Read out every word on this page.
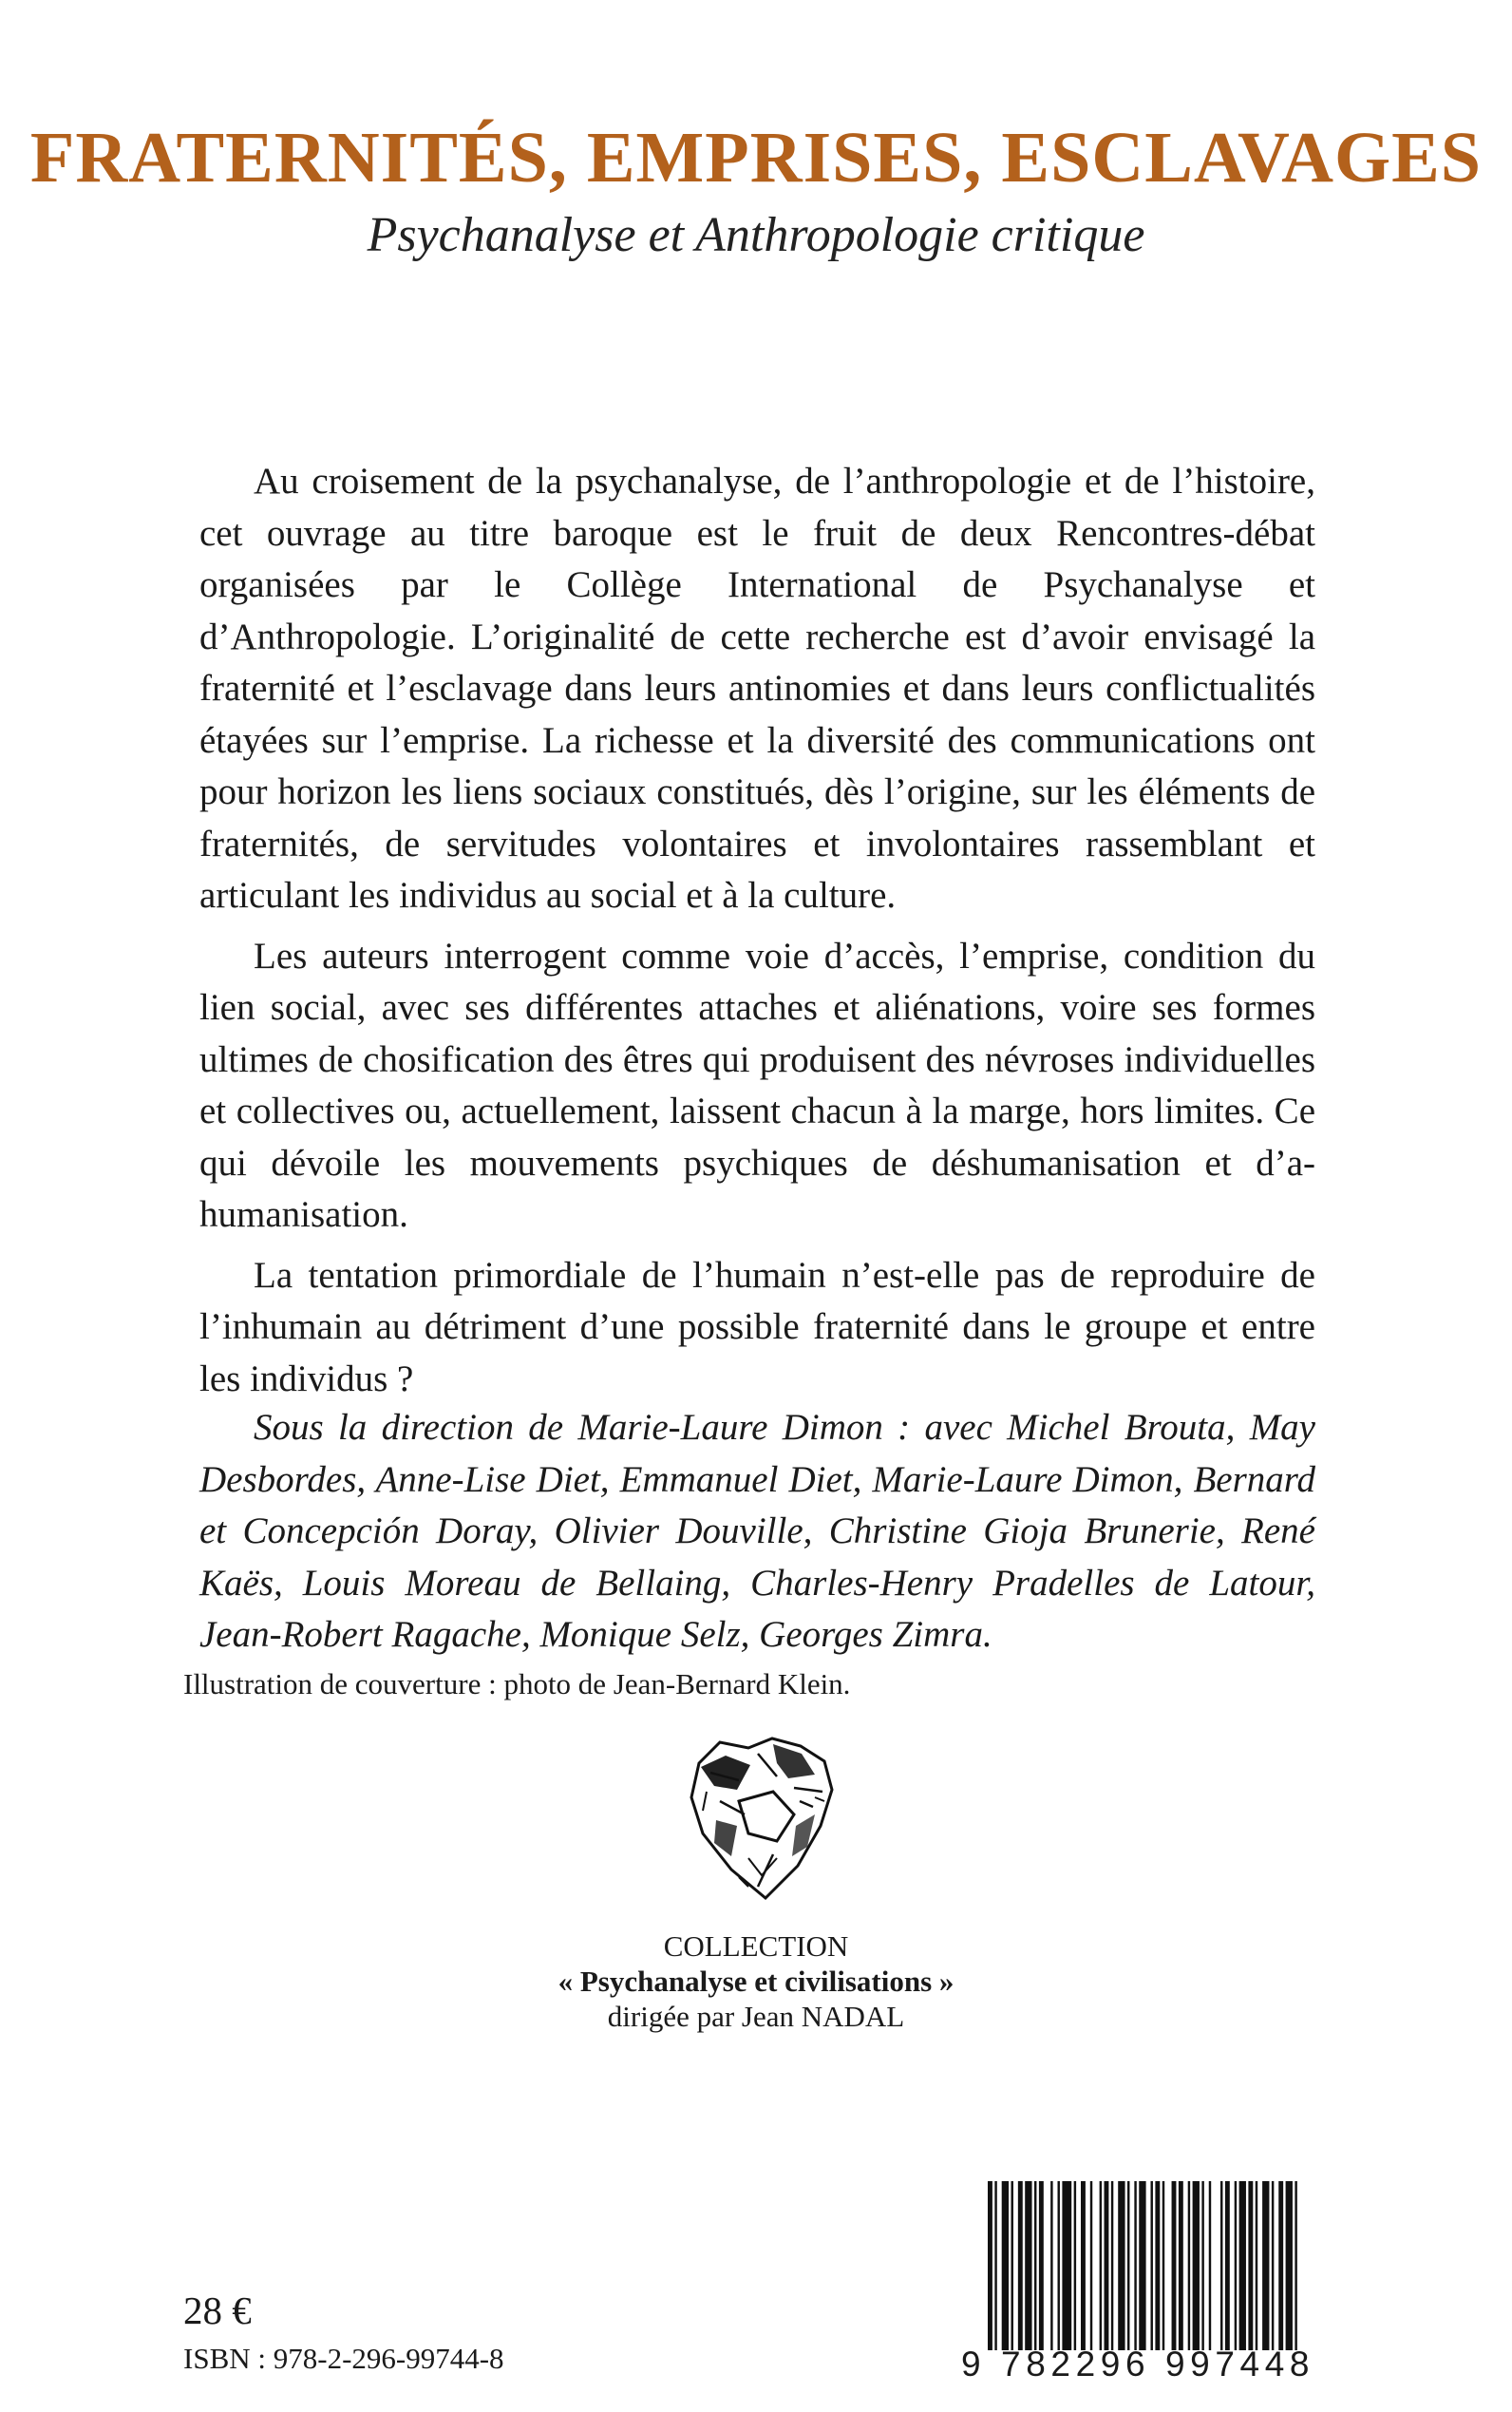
FRATERNITÉS, EMPRISES, ESCLAVAGES
Psychanalyse et Anthropologie critique

Au croisement de la psychanalyse, de l’anthropologie et de l’histoire, cet ouvrage au titre baroque est le fruit de deux Rencontres-débat organisées par le Collège International de Psychanalyse et d’Anthropologie. L’originalité de cette recherche est d’avoir envisagé la fraternité et l’esclavage dans leurs antinomies et dans leurs conflictualités étayées sur l’emprise. La richesse et la diversité des communications ont pour horizon les liens sociaux constitués, dès l’origine, sur les éléments de fraternités, de servitudes volontaires et involontaires rassemblant et articulant les individus au social et à la culture.

Les auteurs interrogent comme voie d’accès, l’emprise, condition du lien social, avec ses différentes attaches et aliénations, voire ses formes ultimes de chosification des êtres qui produisent des névroses individuelles et collectives ou, actuellement, laissent chacun à la marge, hors limites. Ce qui dévoile les mouvements psychiques de déshumanisation et d’a-humanisation.

La tentation primordiale de l’humain n’est-elle pas de reproduire de l’inhumain au détriment d’une possible fraternité dans le groupe et entre les individus ?

Sous la direction de Marie-Laure Dimon : avec Michel Brouta, May Desbordes, Anne-Lise Diet, Emmanuel Diet, Marie-Laure Dimon, Bernard et Concepción Doray, Olivier Douville, Christine Gioja Brunerie, René Kaës, Louis Moreau de Bellaing, Charles-Henry Pradelles de Latour, Jean-Robert Ragache, Monique Selz, Georges Zimra.

Illustration de couverture : photo de Jean-Bernard Klein.
COLLECTION
« Psychanalyse et civilisations »
dirigée par Jean NADAL
9 782296 997448
28 €
ISBN : 978-2-296-99744-8
